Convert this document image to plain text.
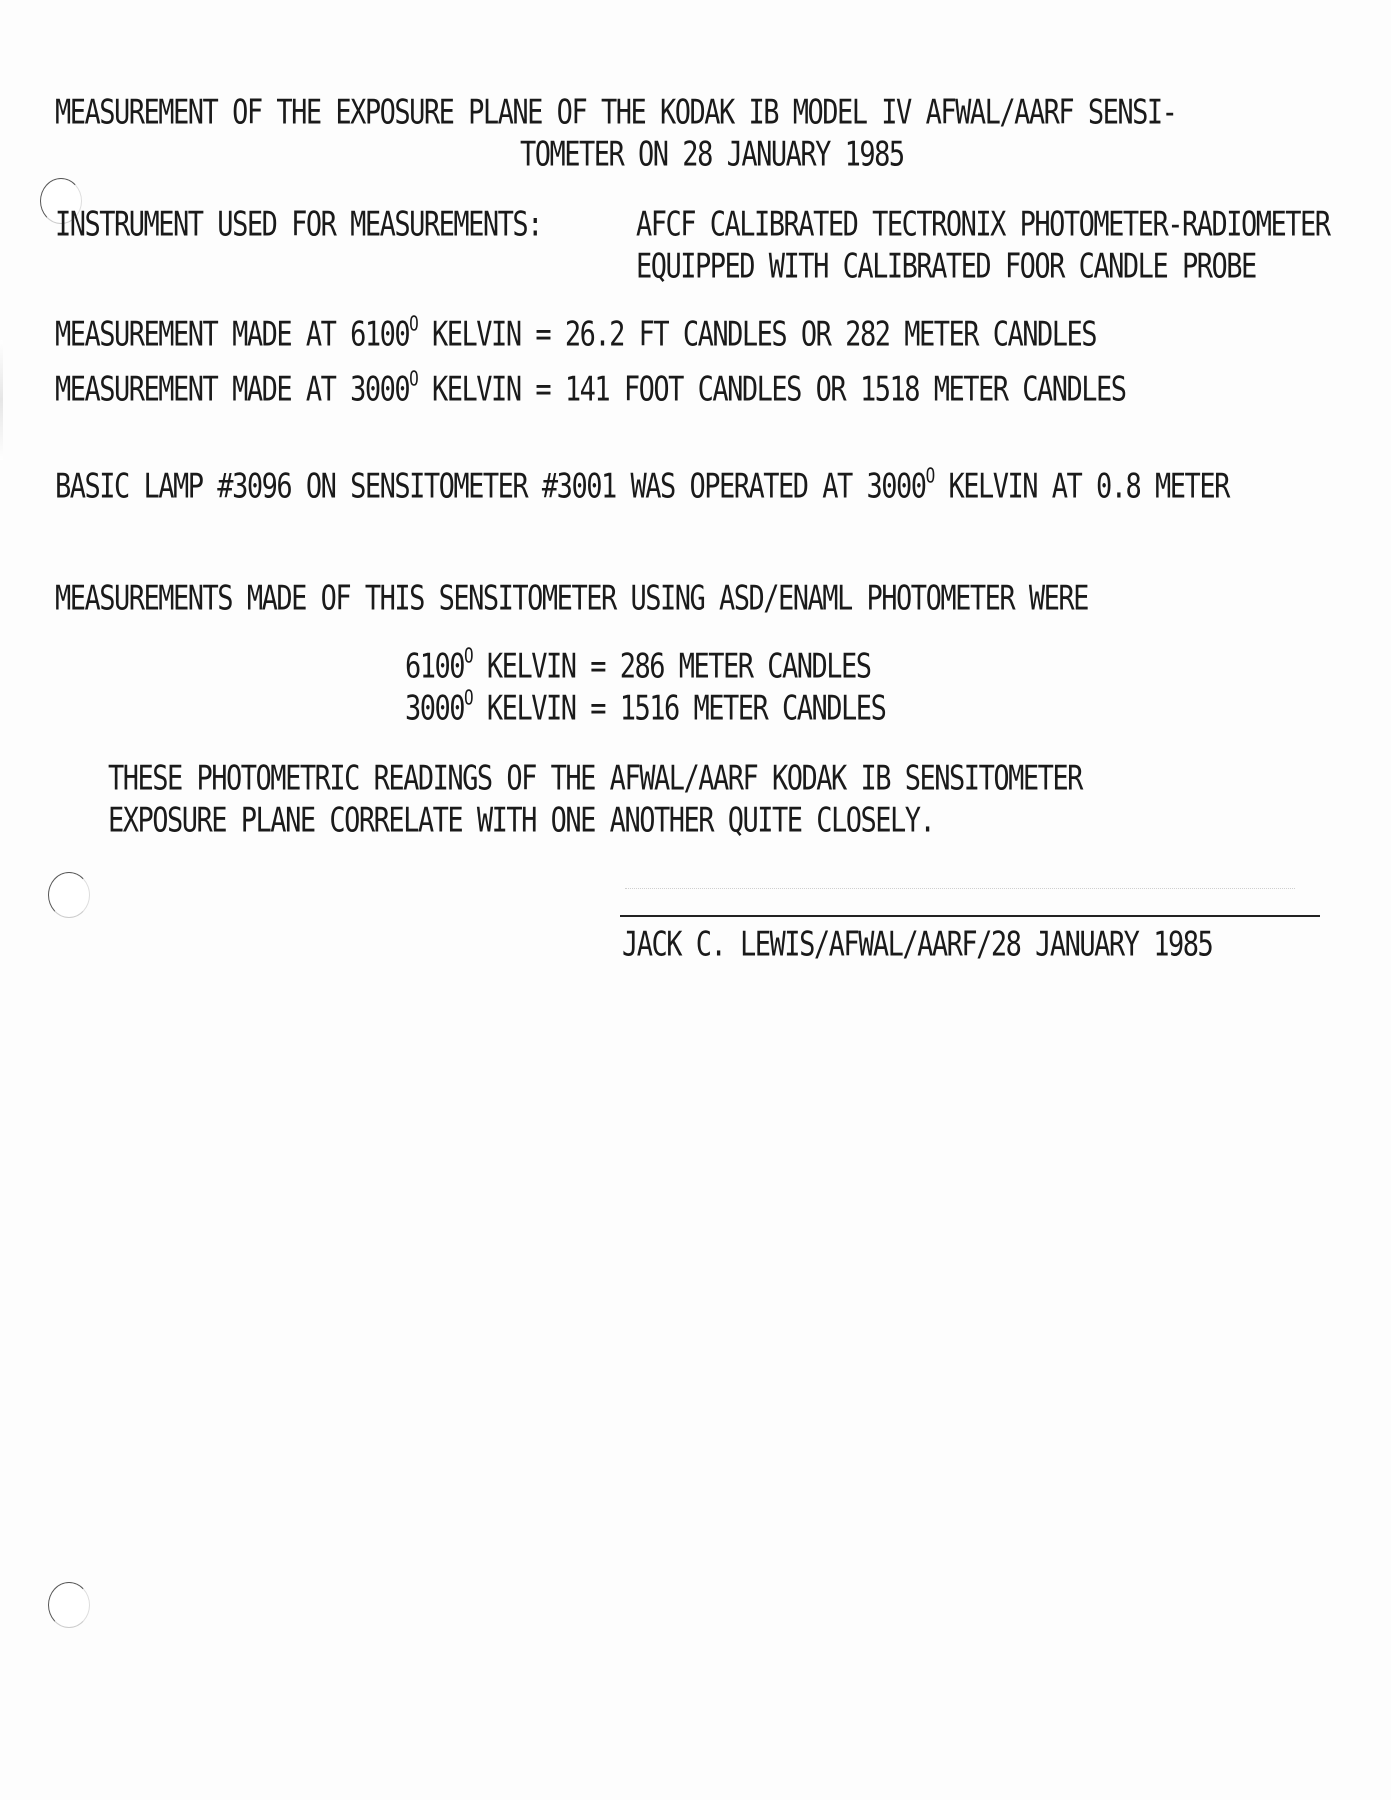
MEASUREMENT OF THE EXPOSURE PLANE OF THE KODAK IB MODEL IV AFWAL/AARF SENSI-
TOMETER ON 28 JANUARY 1985
INSTRUMENT USED FOR MEASUREMENTS:	AFCF CALIBRATED TECTRONIX PHOTOMETER-RADIOMETER
EQUIPPED WITH CALIBRATED FOOR CANDLE PROBE
MEASUREMENT MADE AT $6100^O$ KELVIN = 26.2 FT CANDLES OR 282 METER CANDLES
MEASUREMENT MADE AT $3000^O$ KELVIN = 141 FOOT CANDLES OR 1518 METER CANDLES
BASIC LAMP #3096 ON SENSITOMETER #3001 WAS OPERATED AT $3000^O$ KELVIN AT 0.8 METER
MEASUREMENTS MADE OF THIS SENSITOMETER USING ASD/ENAML PHOTOMETER WERE
$6100^O$ KELVIN = 286 METER CANDLES
$3000^O$ KELVIN = 1516 METER CANDLES
THESE PHOTOMETRIC READINGS OF THE AFWAL/AARF KODAK IB SENSITOMETER
EXPOSURE PLANE CORRELATE WITH ONE ANOTHER QUITE CLOSELY.
JACK C. LEWIS/AFWAL/AARF/28 JANUARY 1985
